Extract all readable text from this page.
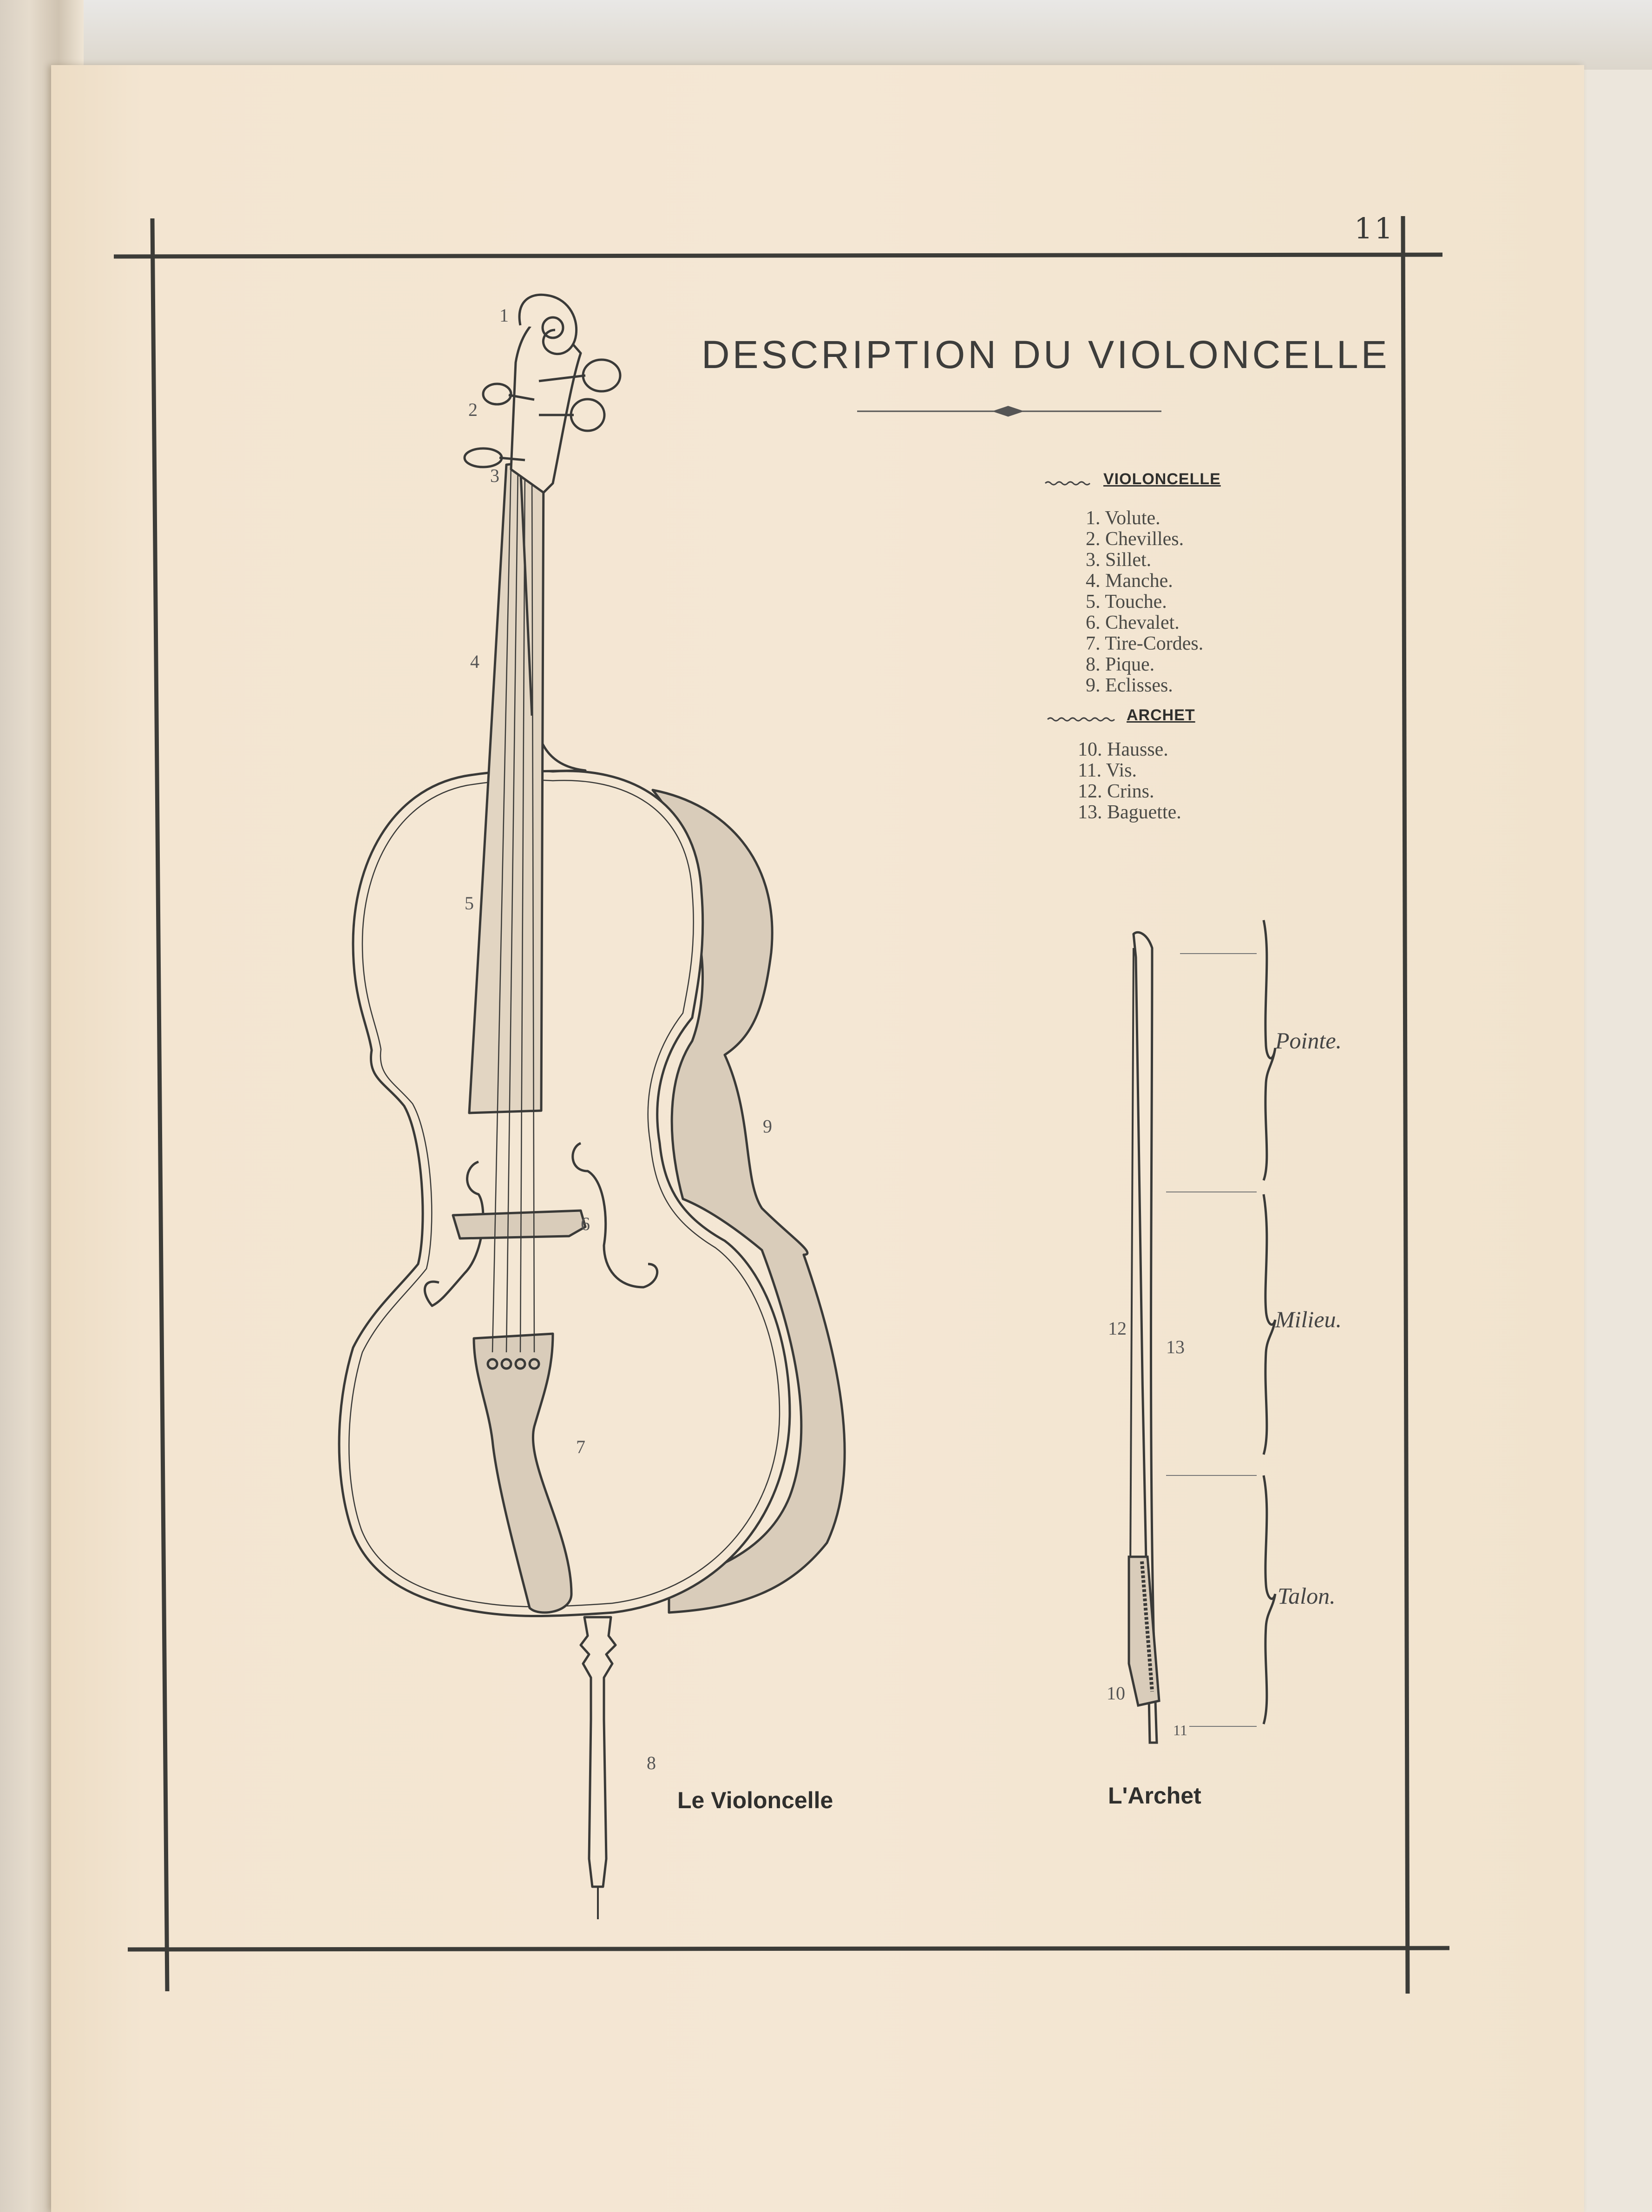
11
DESCRIPTION DU VIOLONCELLE
VIOLONCELLE
1. Volute.
2. Chevilles.
3. Sillet.
4. Manche.
5. Touche.
6. Chevalet.
7. Tire-Cordes.
8. Pique.
9. Eclisses.
ARCHET
10. Hausse.
11. Vis.
12. Crins.
13. Baguette.
1
2
3
4
5
6
7
8
9
10
11
12
13
Pointe.
Milieu.
Talon.
Le Violoncelle	L'Archet
